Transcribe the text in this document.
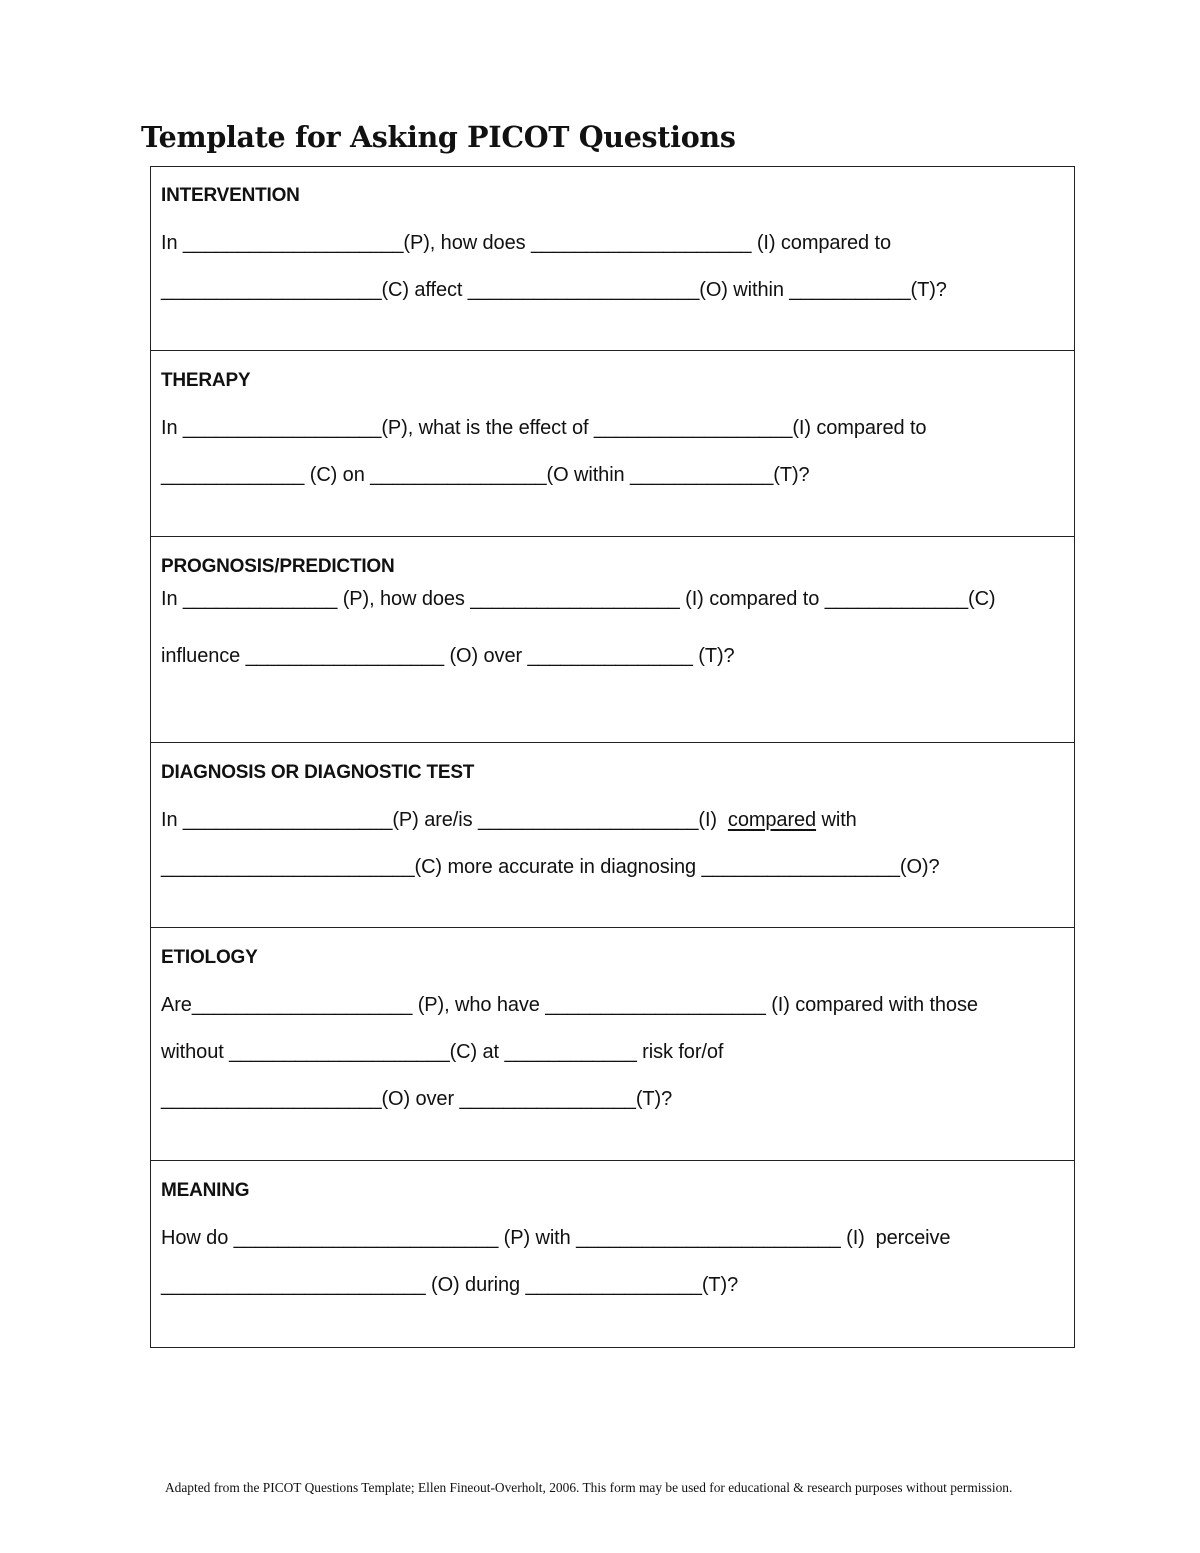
Template for Asking PICOT Questions
INTERVENTION
In ____________________(P), how does ____________________ (I) compared to
____________________(C) affect _____________________(O) within ___________(T)?
THERAPY
In __________________(P), what is the effect of __________________(I) compared to
_____________ (C) on ________________(O within _____________(T)?
PROGNOSIS/PREDICTION
In ______________ (P), how does ___________________ (I) compared to _____________(C)
influence __________________ (O) over _______________ (T)?
DIAGNOSIS OR DIAGNOSTIC TEST
In ___________________(P) are/is ____________________(I) compared with
_______________________(C) more accurate in diagnosing __________________(O)?
ETIOLOGY
Are____________________ (P), who have ____________________ (I) compared with those
without ____________________(C) at ____________ risk for/of
____________________(O) over ________________(T)?
MEANING
How do ________________________ (P) with ________________________ (I)  perceive
________________________ (O) during ________________(T)?
Adapted from the PICOT Questions Template; Ellen Fineout-Overholt, 2006. This form may be used for educational & research purposes without permission.
